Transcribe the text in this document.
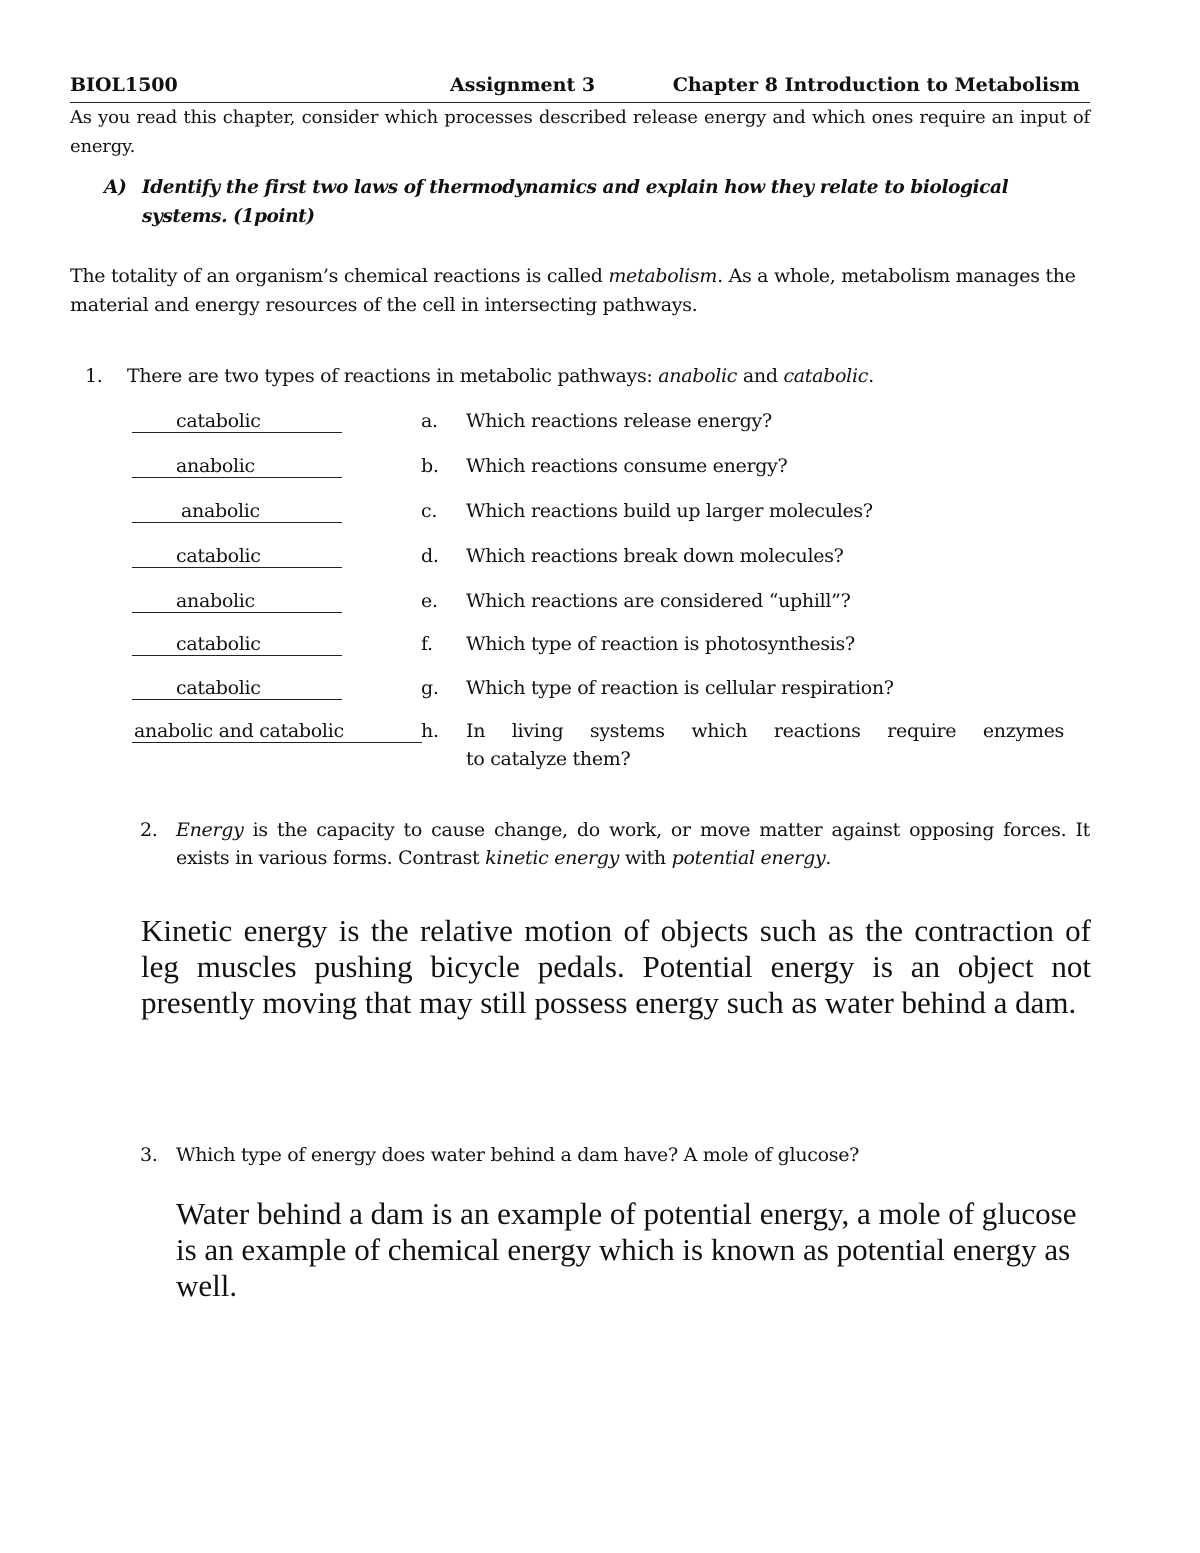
BIOL1500	Assignment 3	Chapter 8 Introduction to Metabolism
As you read this chapter, consider which processes described release energy and which ones require an input of energy.
A) Identify the first two laws of thermodynamics and explain how they relate to biological systems. (1point)
The totality of an organism’s chemical reactions is called metabolism. As a whole, metabolism manages the material and energy resources of the cell in intersecting pathways.
1. There are two types of reactions in metabolic pathways: anabolic and catabolic.
catabolic	a. Which reactions release energy?
anabolic	b. Which reactions consume energy?
anabolic	c. Which reactions build up larger molecules?
catabolic	d. Which reactions break down molecules?
anabolic	e. Which reactions are considered “uphill”?
catabolic	f. Which type of reaction is photosynthesis?
catabolic	g. Which type of reaction is cellular respiration?
anabolic and catabolic	h. In living systems which reactions require enzymes
to catalyze them?
2. Energy is the capacity to cause change, do work, or move matter against opposing forces. It exists in various forms. Contrast kinetic energy with potential energy.
Kinetic energy is the relative motion of objects such as the contraction of leg muscles pushing bicycle pedals. Potential energy is an object not presently moving that may still possess energy such as water behind a dam.
3. Which type of energy does water behind a dam have? A mole of glucose?
Water behind a dam is an example of potential energy, a mole of glucose is an example of chemical energy which is known as potential energy as well.
